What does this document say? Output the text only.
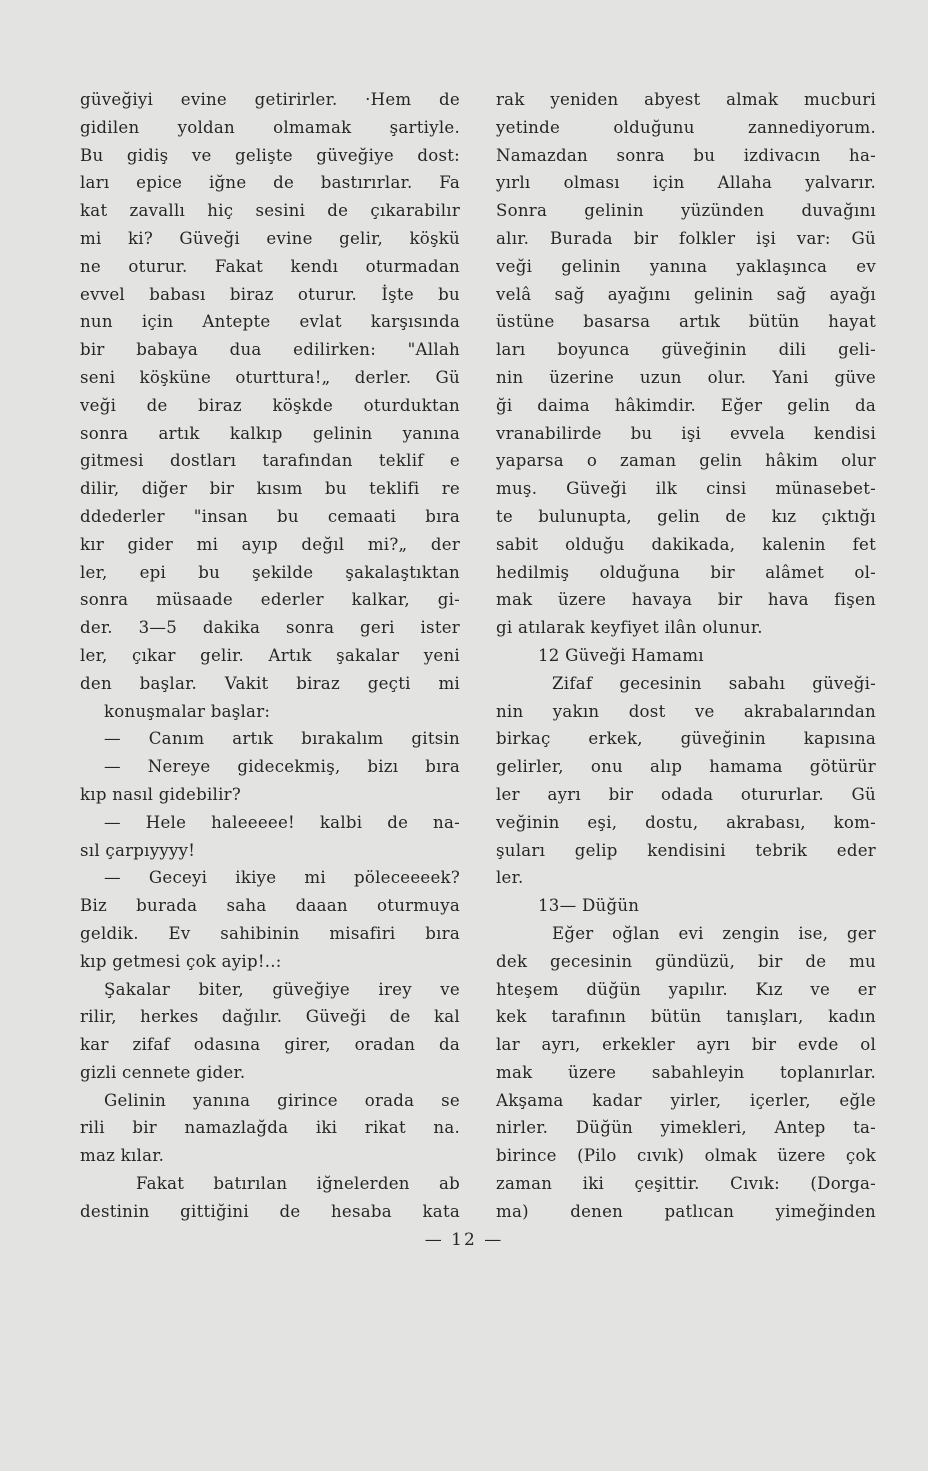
güveğiyi evine getirirler. ·Hem de
gidilen yoldan olmamak şartiyle.
Bu gidiş ve gelişte güveğiye dost:
ları epice iğne de bastırırlar. Fa
kat zavallı hiç sesini de çıkarabilır
mi ki? Güveği evine gelir, köşkü
ne oturur. Fakat kendı oturmadan
evvel babası biraz oturur. İşte bu
nun için Antepte evlat karşısında
bir babaya dua edilirken: "Allah
seni köşküne oturttura!„ derler. Gü
veği de biraz köşkde oturduktan
sonra artık kalkıp gelinin yanına
gitmesi dostları tarafından teklif e
dilir, diğer bir kısım bu teklifi re
ddederler "insan bu cemaati bıra
kır gider mi ayıp değıl mi?„ der
ler, epi bu şekilde şakalaştıktan
sonra müsaade ederler kalkar, gi-
der. 3—5 dakika sonra geri ister
ler, çıkar gelir. Artık şakalar yeni
den başlar. Vakit biraz geçti mi
konuşmalar başlar:
— Canım artık bırakalım gitsin
— Nereye gidecekmiş, bizı bıra
kıp nasıl gidebilir?
— Hele haleeeee! kalbi de na-
sıl çarpıyyyy!
— Geceyi ikiye mi pöleceeeek?
Biz burada saha daaan oturmuya
geldik. Ev sahibinin misafiri bıra
kıp getmesi çok ayip!..:
Şakalar biter, güveğiye irey ve
rilir, herkes dağılır. Güveği de kal
kar zifaf odasına girer, oradan da
gizli cennete gider.
Gelinin yanına girince orada se
rili bir namazlağda iki rikat na.
maz kılar.
Fakat batırılan iğnelerden ab
destinin gittiğini de hesaba kata
rak yeniden abyest almak mucburi
yetinde olduğunu zannediyorum.
Namazdan sonra bu izdivacın ha-
yırlı olması için Allaha yalvarır.
Sonra gelinin yüzünden duvağını
alır. Burada bir folkler işi var: Gü
veği gelinin yanına yaklaşınca ev
velâ sağ ayağını gelinin sağ ayağı
üstüne basarsa artık bütün hayat
ları boyunca güveğinin dili geli-
nin üzerine uzun olur. Yani güve
ği daima hâkimdir. Eğer gelin da
vranabilirde bu işi evvela kendisi
yaparsa o zaman gelin hâkim olur
muş. Güveği ilk cinsi münasebet-
te bulunupta, gelin de kız çıktığı
sabit olduğu dakikada, kalenin fet
hedilmiş olduğuna bir alâmet ol-
mak üzere havaya bir hava fişen
gi atılarak keyfiyet ilân olunur.
12 Güveği Hamamı
Zifaf gecesinin sabahı güveği-
nin yakın dost ve akrabalarından
birkaç erkek, güveğinin kapısına
gelirler, onu alıp hamama götürür
ler ayrı bir odada otururlar. Gü
veğinin eşi, dostu, akrabası, kom-
şuları gelip kendisini tebrik eder
ler.
13— Düğün
Eğer oğlan evi zengin ise, ger
dek gecesinin gündüzü, bir de mu
hteşem düğün yapılır. Kız ve er
kek tarafının bütün tanışları, kadın
lar ayrı, erkekler ayrı bir evde ol
mak üzere sabahleyin toplanırlar.
Akşama kadar yirler, içerler, eğle
nirler. Düğün yimekleri, Antep ta-
birince (Pilo cıvık) olmak üzere çok
zaman iki çeşittir. Cıvık: (Dorga-
ma) denen patlıcan yimeğinden
— 12 —
